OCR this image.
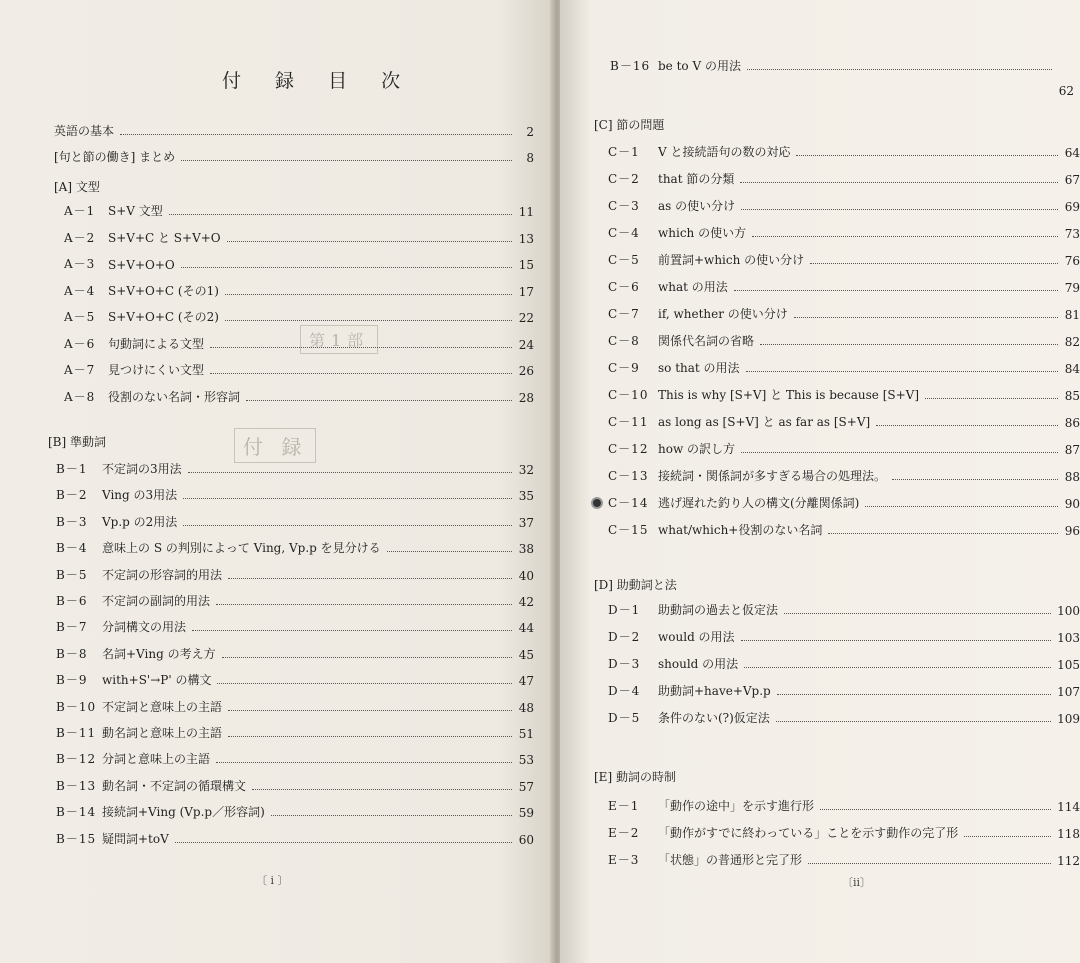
付 録 目 次
第1部
付 録
英語の基本	2
[句と節の働き] まとめ	8
[A] 文型
A－1	S+V 文型	11
A－2	S+V+C と S+V+O	13
A－3	S+V+O+O	15
A－4	S+V+O+C (その1)	17
A－5	S+V+O+C (その2)	22
A－6	句動詞による文型	24
A－7	見つけにくい文型	26
A－8	役割のない名詞・形容詞	28
[B] 準動詞
B－1	不定詞の3用法	32
B－2	Ving の3用法	35
B－3	Vp.p の2用法	37
B－4	意味上の S の判別によって Ving, Vp.p を見分ける	38
B－5	不定詞の形容詞的用法	40
B－6	不定詞の副詞的用法	42
B－7	分詞構文の用法	44
B－8	名詞+Ving の考え方	45
B－9	with+S'→P' の構文	47
B－10 不定詞と意味上の主語	48
B－11 動名詞と意味上の主語	51
B－12 分詞と意味上の主語	53
B－13 動名詞・不定詞の循環構文	57
B－14 接続詞+Ving (Vp.p／形容詞)	59
B－15 疑問詞+toV	60
〔 i 〕
B－16 be to V の用法
62
[C] 節の問題
C－1	V と接続語句の数の対応	64
C－2	that 節の分類	67
C－3	as の使い分け	69
C－4	which の使い方	73
C－5	前置詞+which の使い分け	76
C－6	what の用法	79
C－7	if, whether の使い分け	81
C－8	関係代名詞の省略	82
C－9	so that の用法	84
C－10 This is why [S+V] と This is because [S+V]	85
C－11 as long as [S+V] と as far as [S+V]	86
C－12 how の訳し方	87
C－13 接続詞・関係詞が多すぎる場合の処理法。	88
C－14 逃げ遅れた釣り人の構文(分離関係詞)	90
C－15 what/which+役割のない名詞	96
[D] 助動詞と法
D－1	助動詞の過去と仮定法	100
D－2	would の用法	103
D－3	should の用法	105
D－4	助動詞+have+Vp.p	107
D－5	条件のない(?)仮定法	109
[E] 動詞の時制
E－1	「動作の途中」を示す進行形	114
E－2	「動作がすでに終わっている」ことを示す動作の完了形	118
E－3	「状態」の普通形と完了形	112
〔ii〕
